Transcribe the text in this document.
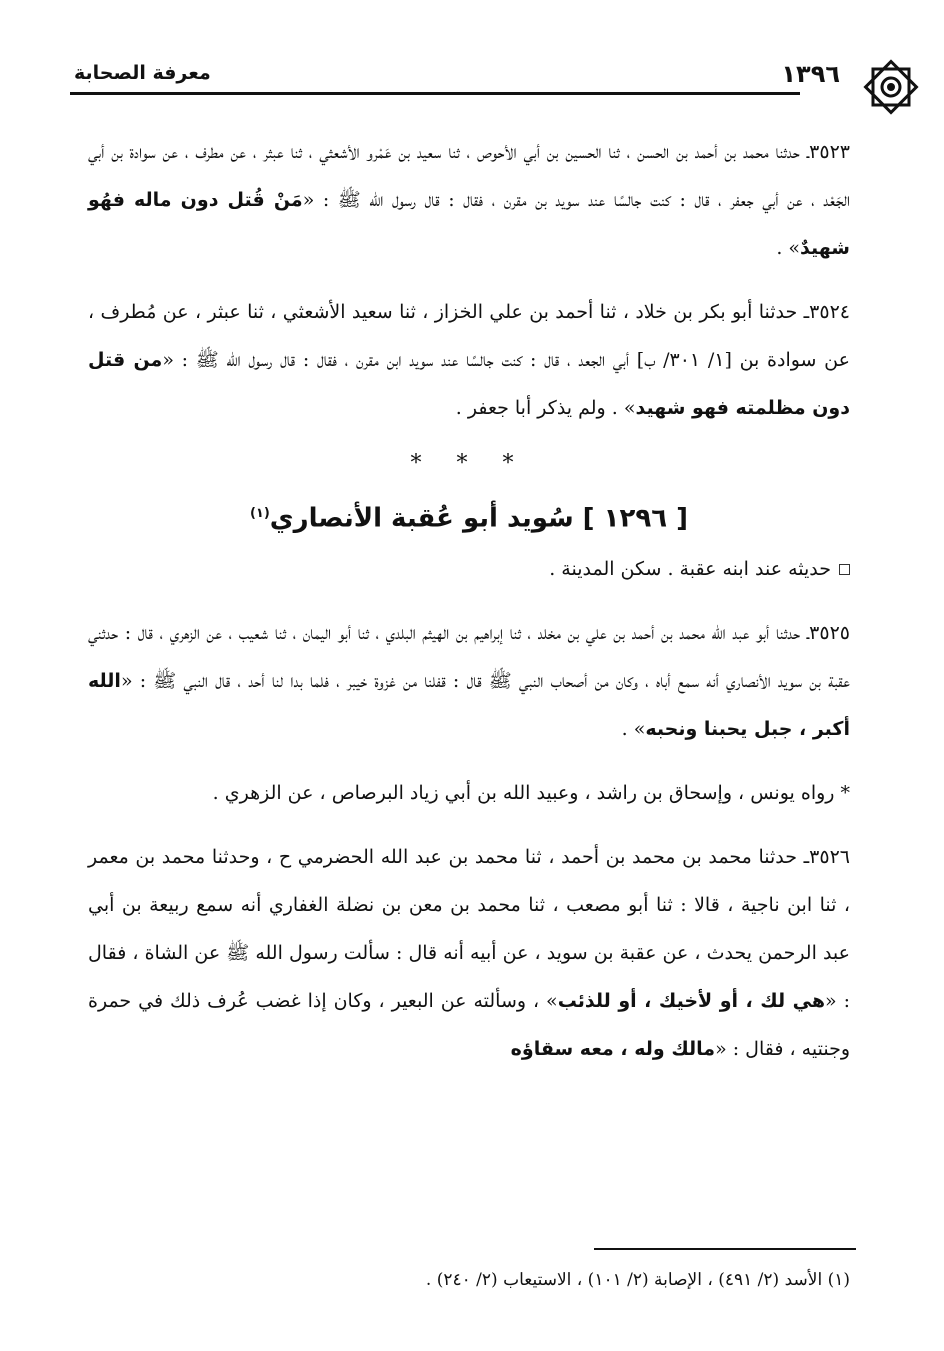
١٣٩٦
معرفة الصحابة

٣٥٢٣ـ حدثنا محمد بن أحمد بن الحسن ، ثنا الحسين بن أبي الأحوص ، ثنا سعيد بن عَمْرو الأشعثي ، ثنا عبثر ، عن مطرف ، عن سوادة بن أبي الجَعْد ، عن أبي جعفر ، قال : كنت جالسًا عند سويد بن مقرن ، فقال : قال رسول الله ﷺ : «مَنْ قُتل دون ماله فهُو شهيدٌ» .

٣٥٢٤ـ حدثنا أبو بكر بن خلاد ، ثنا أحمد بن علي الخزاز ، ثنا سعيد الأشعثي ، ثنا عبثر ، عن مُطرف ، عن سوادة بن [١/ ٣٠١/ ب] أبي الجعد ، قال : كنت جالسًا عند سويد ابن مقرن ، فقال : قال رسول الله ﷺ : «من قتل دون مظلمته فهو شهيد» . ولم يذكر أبا جعفر .

* * *
[ ١٢٩٦ ] سُويد أبو عُقبة الأنصاري$^{(١)}$

حديثه عند ابنه عقبة . سكن المدينة .

٣٥٢٥ـ حدثنا أبو عبد الله محمد بن أحمد بن علي بن مخلد ، ثنا إبراهيم بن الهيثم البلدي ، ثنا أبو اليمان ، ثنا شعيب ، عن الزهري ، قال : حدثني عقبة بن سويد الأنصاري أنه سمع أباه ، وكان من أصحاب النبي ﷺ قال : قفلنا من غزوة خيبر ، فلما بدا لنا أحد ، قال النبي ﷺ : «الله أكبر ، جبل يحبنا ونحبه» .

* رواه يونس ، وإسحاق بن راشد ، وعبيد الله بن أبي زياد البرصاص ، عن الزهري .

٣٥٢٦ـ حدثنا محمد بن محمد بن أحمد ، ثنا محمد بن عبد الله الحضرمي ح ، وحدثنا محمد بن معمر ، ثنا ابن ناجية ، قالا : ثنا أبو مصعب ، ثنا محمد بن معن بن نضلة الغفاري أنه سمع ربيعة بن أبي عبد الرحمن يحدث ، عن عقبة بن سويد ، عن أبيه أنه قال : سألت رسول الله ﷺ عن الشاة ، فقال : «هي لك ، أو لأخيك ، أو للذئب» ، وسألته عن البعير ، وكان إذا غضب عُرف ذلك في حمرة وجنتيه ، فقال : «مالك وله ، معه سقاؤه

(١) الأسد (٢/ ٤٩١) ، الإصابة (٢/ ١٠١) ، الاستيعاب (٢/ ٢٤٠) .
